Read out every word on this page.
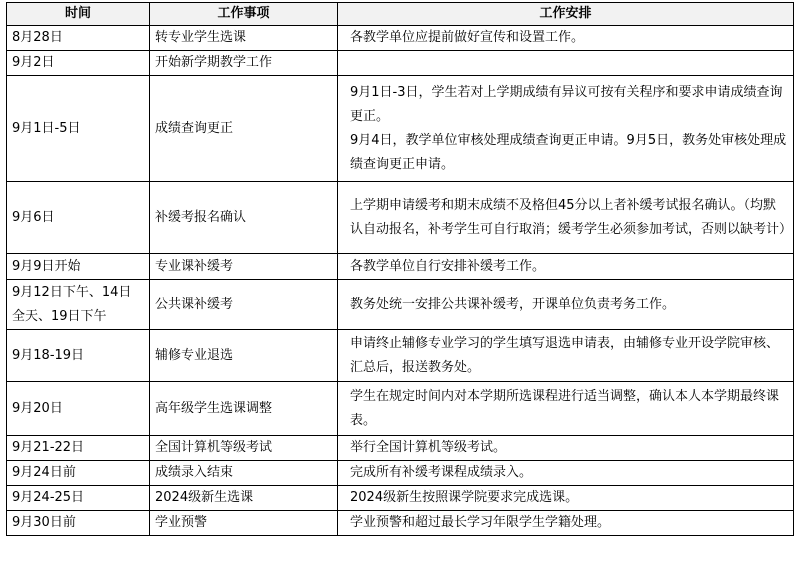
时间	工作事项	工作安排
8月28日	转专业学生选课	各教学单位应提前做好宣传和设置工作。

9月2日	开始新学期教学工作	

9月1日-5日	成绩查询更正	9月1日-3日，学生若对上学期成绩有异议可按有关程序和要求申请成绩查询更正。
9月4日，教学单位审核处理成绩查询更正申请。9月5日，教务处审核处理成绩查询更正申请。

9月6日	补缓考报名确认	上学期申请缓考和期末成绩不及格但45分以上者补缓考试报名确认。（均默认自动报名，补考学生可自行取消；缓考学生必须参加考试，否则以缺考计）

9月9日开始	专业课补缓考	各教学单位自行安排补缓考工作。

9月12日下午、14日全天、19日下午	公共课补缓考	教务处统一安排公共课补缓考，开课单位负责考务工作。

9月18-19日	辅修专业退选	申请终止辅修专业学习的学生填写退选申请表，由辅修专业开设学院审核、汇总后，报送教务处。

9月20日	高年级学生选课调整	学生在规定时间内对本学期所选课程进行适当调整，确认本人本学期最终课表。

9月21-22日	全国计算机等级考试	举行全国计算机等级考试。

9月24日前	成绩录入结束	完成所有补缓考课程成绩录入。

9月24-25日	2024级新生选课	2024级新生按照课学院要求完成选课。

9月30日前	学业预警	学业预警和超过最长学习年限学生学籍处理。
